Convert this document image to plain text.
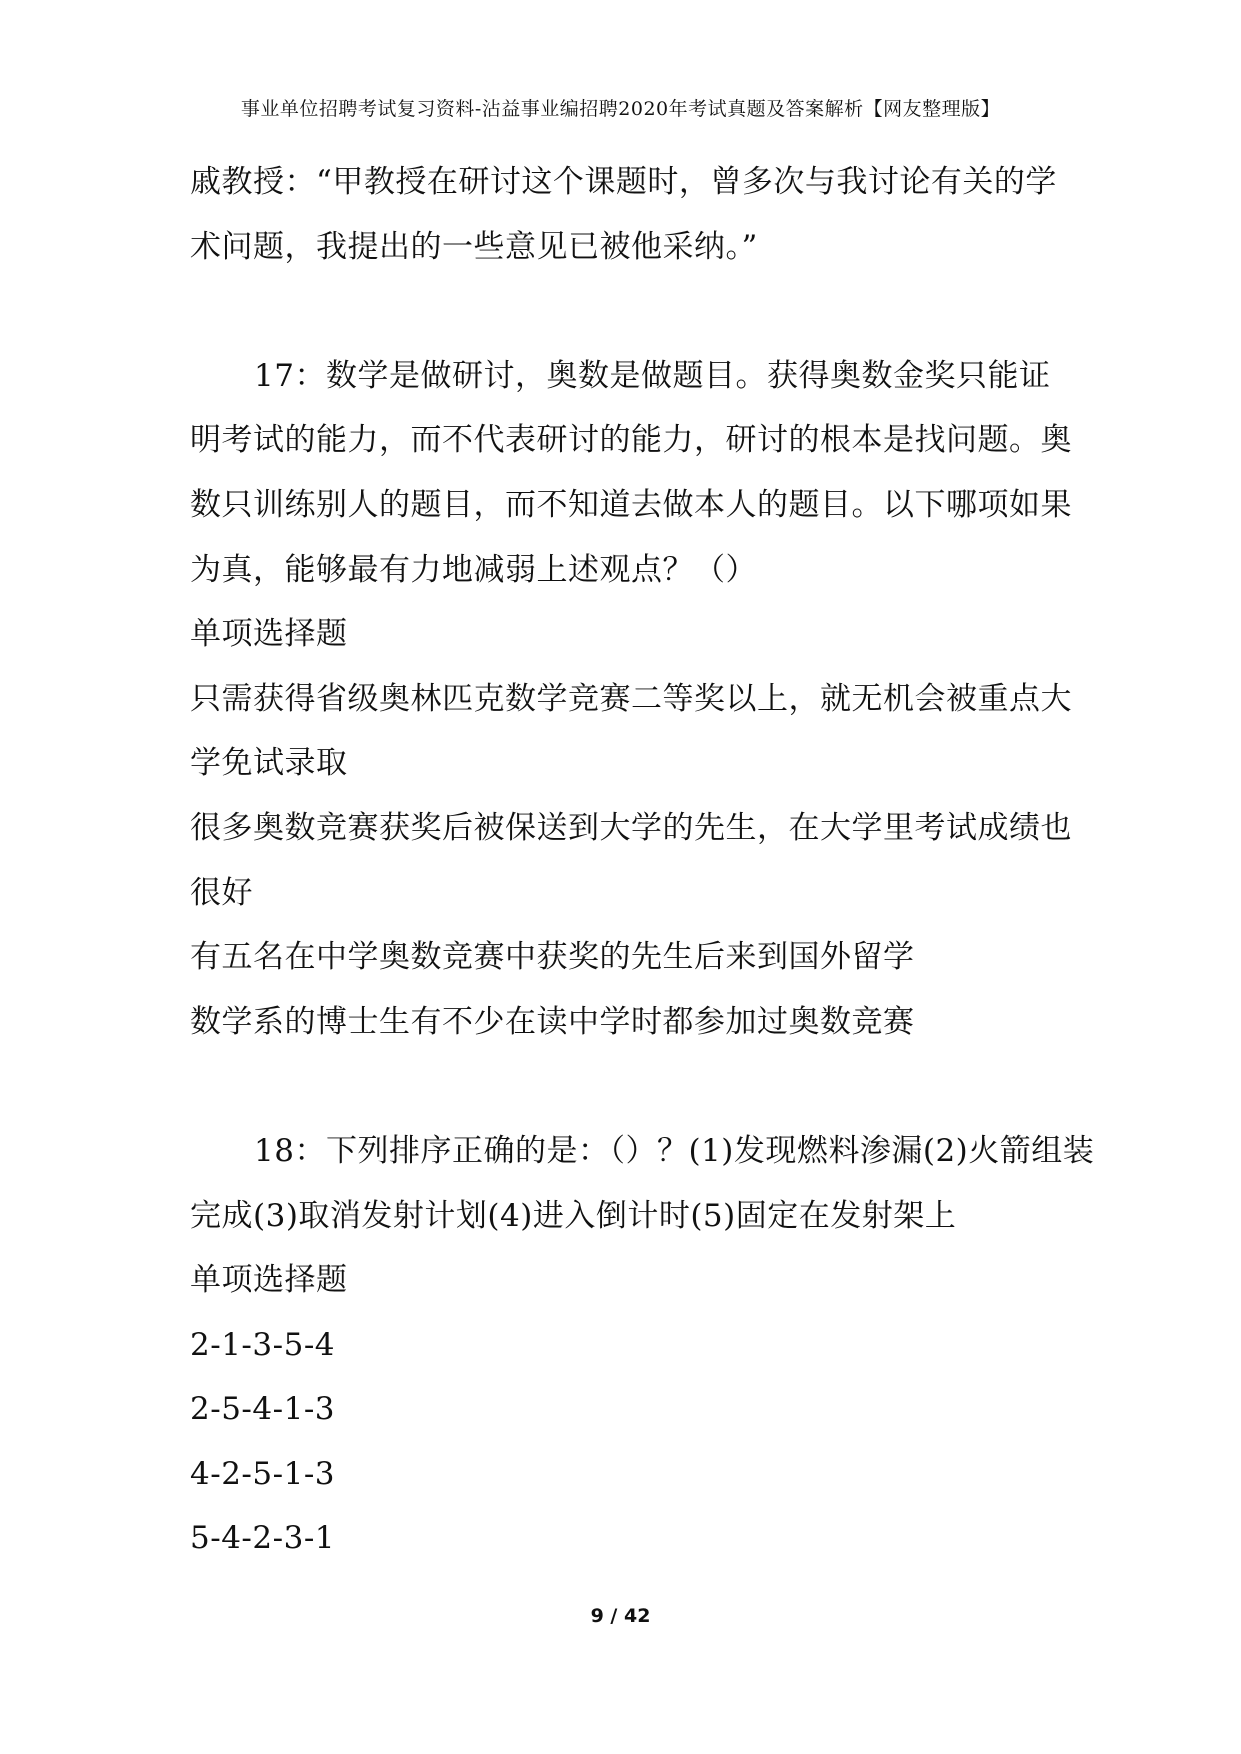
事业单位招聘考试复习资料-沾益事业编招聘2020年考试真题及答案解析【网友整理版】
戚教授：“甲教授在研讨这个课题时，曾多次与我讨论有关的学
术问题，我提出的一些意见已被他采纳。”
17：数学是做研讨，奥数是做题目。获得奥数金奖只能证
明考试的能力，而不代表研讨的能力，研讨的根本是找问题。奥
数只训练别人的题目，而不知道去做本人的题目。以下哪项如果
为真，能够最有力地减弱上述观点？（）
单项选择题
只需获得省级奥林匹克数学竞赛二等奖以上，就无机会被重点大
学免试录取
很多奥数竞赛获奖后被保送到大学的先生，在大学里考试成绩也
很好
有五名在中学奥数竞赛中获奖的先生后来到国外留学
数学系的博士生有不少在读中学时都参加过奥数竞赛
18：下列排序正确的是：（）？(1)发现燃料渗漏(2)火箭组装
完成(3)取消发射计划(4)进入倒计时(5)固定在发射架上
单项选择题
2-1-3-5-4
2-5-4-1-3
4-2-5-1-3
5-4-2-3-1
9 / 42
